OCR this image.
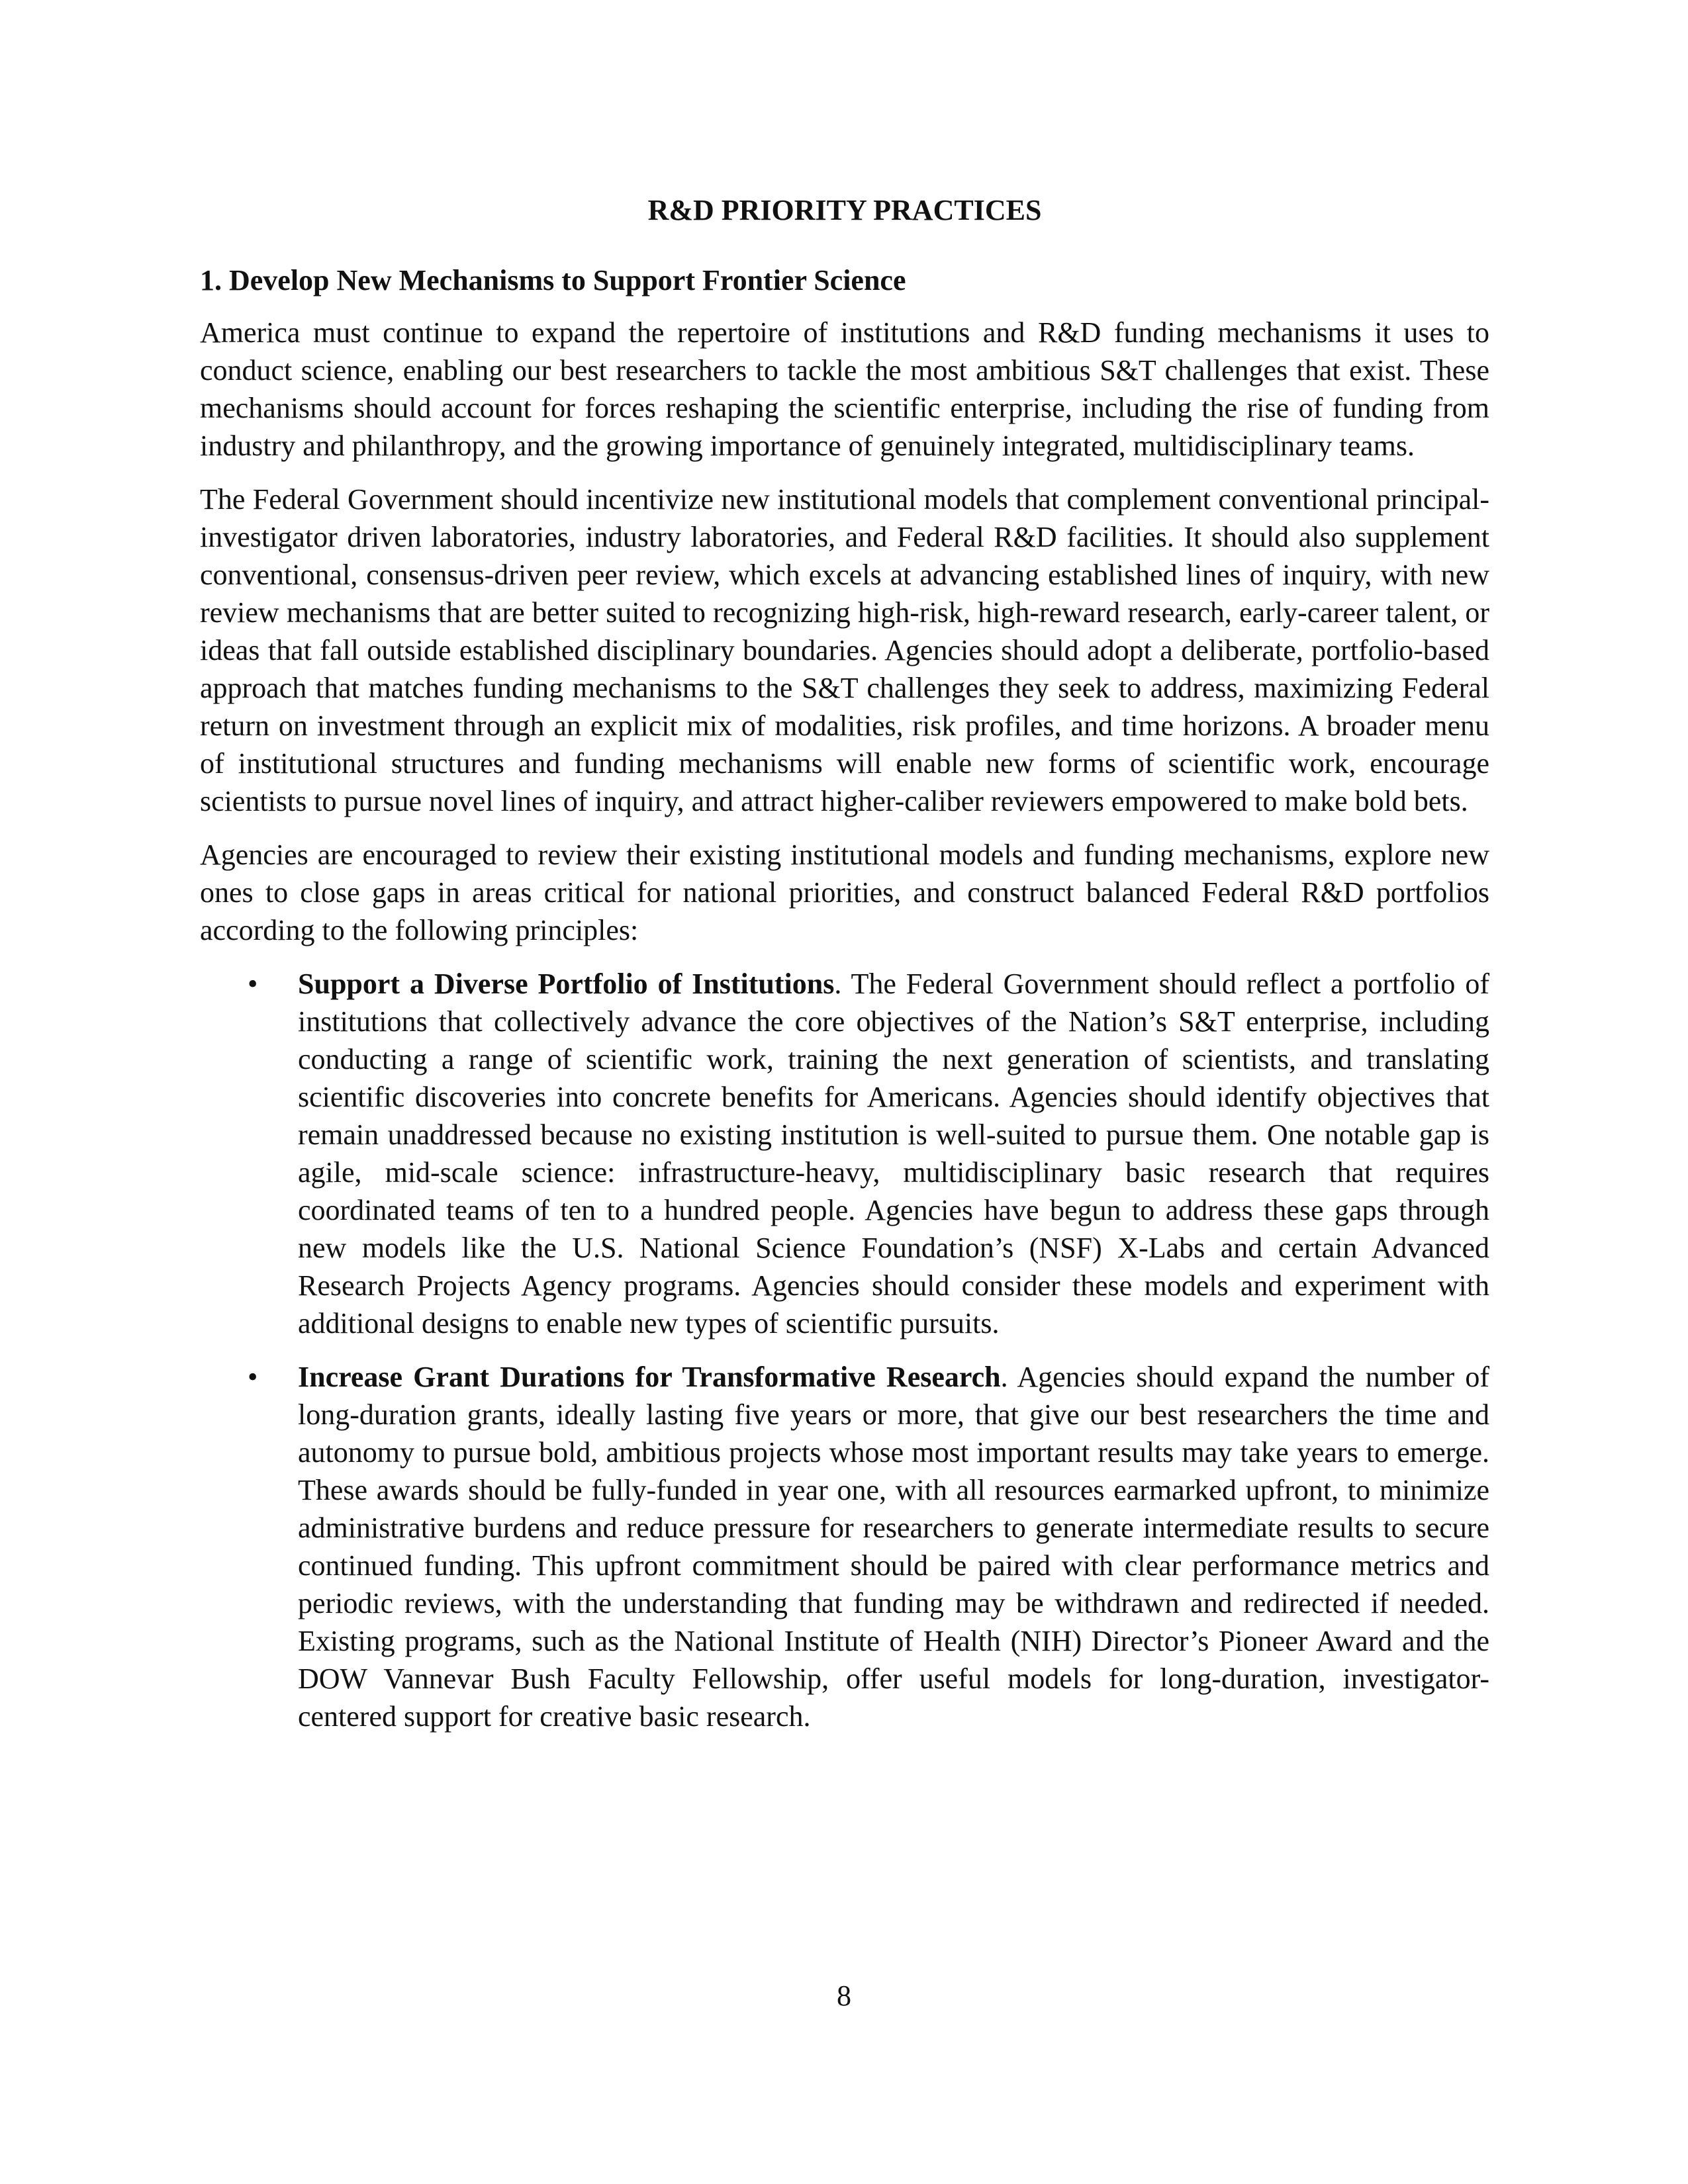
R&D PRIORITY PRACTICES
1. Develop New Mechanisms to Support Frontier Science

America must continue to expand the repertoire of institutions and R&D funding mechanisms it uses to conduct science, enabling our best researchers to tackle the most ambitious S&T challenges that exist. These mechanisms should account for forces reshaping the scientific enterprise, including the rise of funding from industry and philanthropy, and the growing importance of genuinely integrated, multidisciplinary teams.

The Federal Government should incentivize new institutional models that complement conventional principal-investigator driven laboratories, industry laboratories, and Federal R&D facilities. It should also supplement conventional, consensus-driven peer review, which excels at advancing established lines of inquiry, with new review mechanisms that are better suited to recognizing high-risk, high-reward research, early-career talent, or ideas that fall outside established disciplinary boundaries. Agencies should adopt a deliberate, portfolio-based approach that matches funding mechanisms to the S&T challenges they seek to address, maximizing Federal return on investment through an explicit mix of modalities, risk profiles, and time horizons. A broader menu of institutional structures and funding mechanisms will enable new forms of scientific work, encourage scientists to pursue novel lines of inquiry, and attract higher-caliber reviewers empowered to make bold bets.

Agencies are encouraged to review their existing institutional models and funding mechanisms, explore new ones to close gaps in areas critical for national priorities, and construct balanced Federal R&D portfolios according to the following principles:

• Support a Diverse Portfolio of Institutions. The Federal Government should reflect a portfolio of institutions that collectively advance the core objectives of the Nation’s S&T enterprise, including conducting a range of scientific work, training the next generation of scientists, and translating scientific discoveries into concrete benefits for Americans. Agencies should identify objectives that remain unaddressed because no existing institution is well-suited to pursue them. One notable gap is agile, mid-scale science: infrastructure-heavy, multidisciplinary basic research that requires coordinated teams of ten to a hundred people. Agencies have begun to address these gaps through new models like the U.S. National Science Foundation’s (NSF) X-Labs and certain Advanced Research Projects Agency programs. Agencies should consider these models and experiment with additional designs to enable new types of scientific pursuits.
• Increase Grant Durations for Transformative Research. Agencies should expand the number of long-duration grants, ideally lasting five years or more, that give our best researchers the time and autonomy to pursue bold, ambitious projects whose most important results may take years to emerge. These awards should be fully-funded in year one, with all resources earmarked upfront, to minimize administrative burdens and reduce pressure for researchers to generate intermediate results to secure continued funding. This upfront commitment should be paired with clear performance metrics and periodic reviews, with the understanding that funding may be withdrawn and redirected if needed. Existing programs, such as the National Institute of Health (NIH) Director’s Pioneer Award and the DOW Vannevar Bush Faculty Fellowship, offer useful models for long-duration, investigator-centered support for creative basic research.
8
